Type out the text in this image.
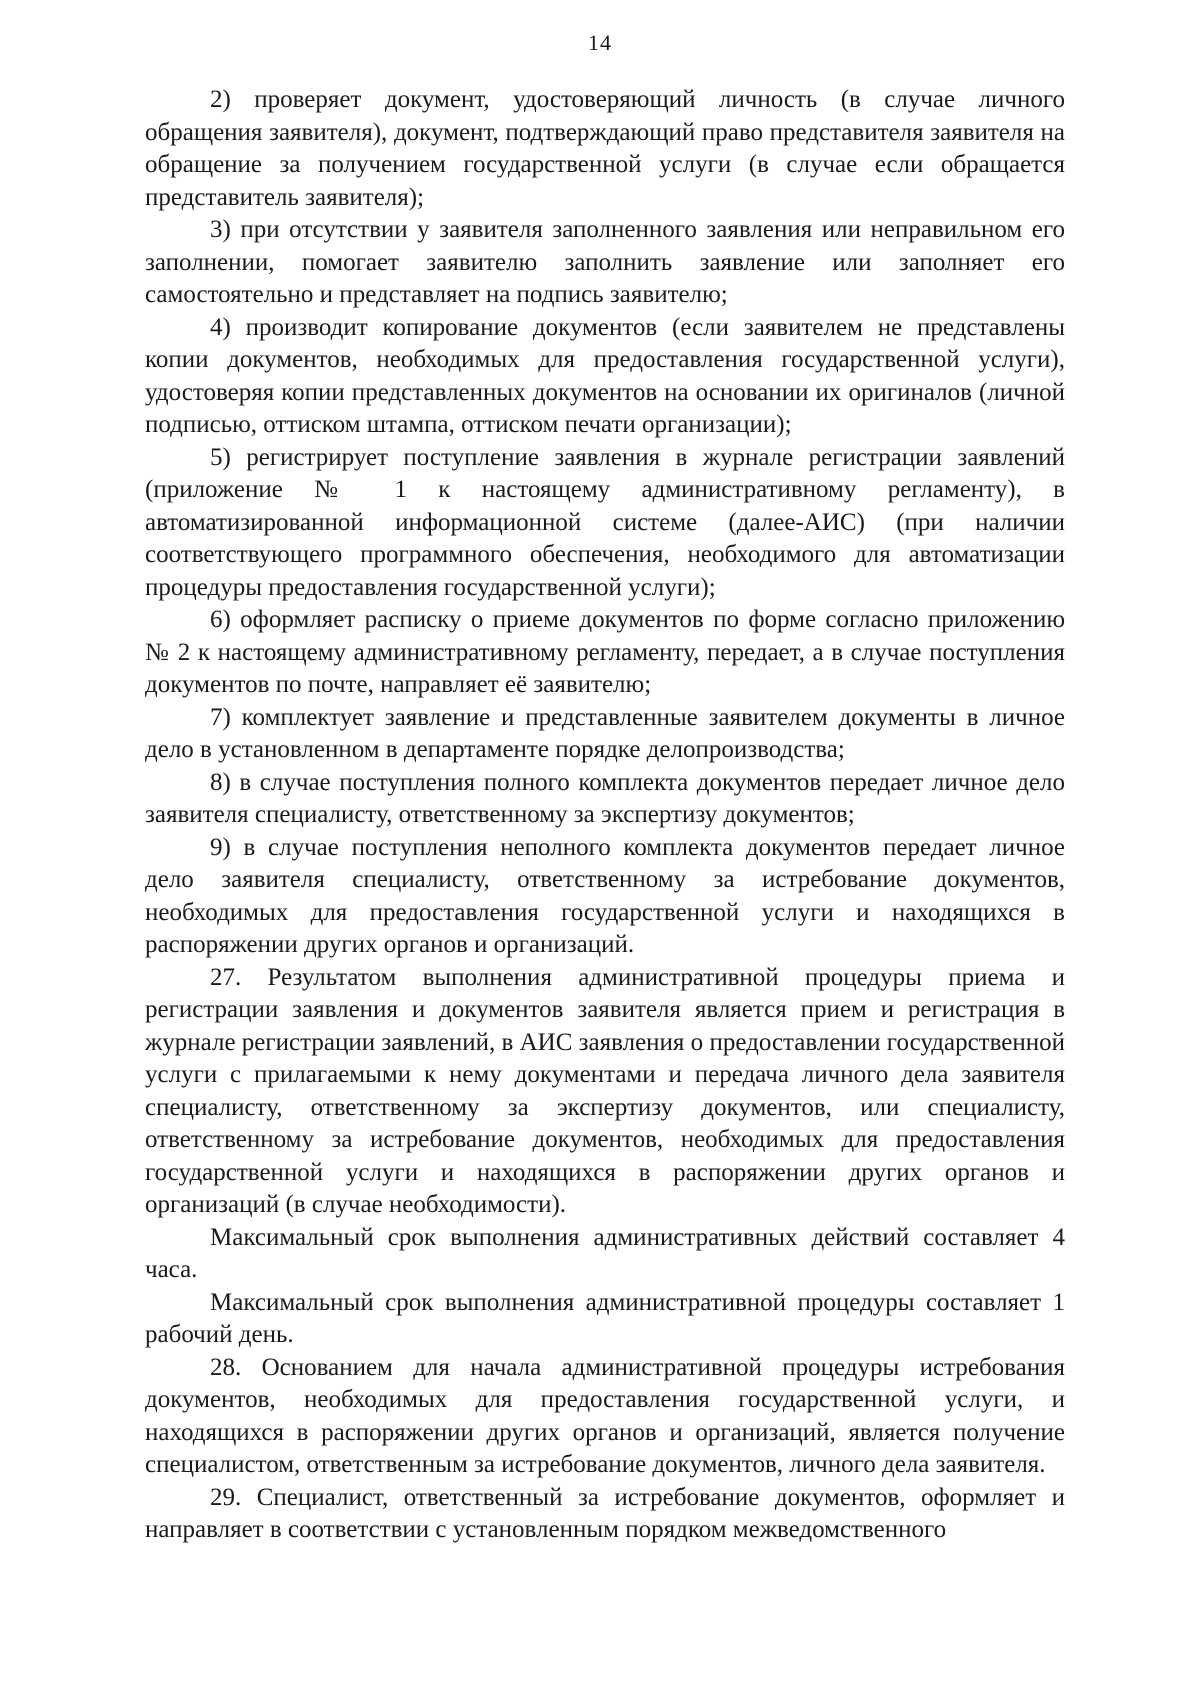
14

2) проверяет документ, удостоверяющий личность (в случае личного обращения заявителя), документ, подтверждающий право представителя заявителя на обращение за получением государственной услуги (в случае если обращается представитель заявителя);

3) при отсутствии у заявителя заполненного заявления или неправильном его заполнении, помогает заявителю заполнить заявление или заполняет его самостоятельно и представляет на подпись заявителю;

4) производит копирование документов (если заявителем не представлены копии документов, необходимых для предоставления государственной услуги), удостоверяя копии представленных документов на основании их оригиналов (личной подписью, оттиском штампа, оттиском печати организации);

5) регистрирует поступление заявления в журнале регистрации заявлений (приложение № 1 к настоящему административному регламенту), в автоматизированной информационной системе (далее-АИС) (при наличии соответствующего программного обеспечения, необходимого для автоматизации процедуры предоставления государственной услуги);

6) оформляет расписку о приеме документов по форме согласно приложению № 2 к настоящему административному регламенту, передает, а в случае поступления документов по почте, направляет её заявителю;

7) комплектует заявление и представленные заявителем документы в личное дело в установленном в департаменте порядке делопроизводства;

8) в случае поступления полного комплекта документов передает личное дело заявителя специалисту, ответственному за экспертизу документов;

9) в случае поступления неполного комплекта документов передает личное дело заявителя специалисту, ответственному за истребование документов, необходимых для предоставления государственной услуги и находящихся в распоряжении других органов и организаций.

27. Результатом выполнения административной процедуры приема и регистрации заявления и документов заявителя является прием и регистрация в журнале регистрации заявлений, в АИС заявления о предоставлении государственной услуги с прилагаемыми к нему документами и передача личного дела заявителя специалисту, ответственному за экспертизу документов, или специалисту, ответственному за истребование документов, необходимых для предоставления государственной услуги и находящихся в распоряжении других органов и организаций (в случае необходимости).

Максимальный срок выполнения административных действий составляет 4 часа.

Максимальный срок выполнения административной процедуры составляет 1 рабочий день.

28. Основанием для начала административной процедуры истребования документов, необходимых для предоставления государственной услуги, и находящихся в распоряжении других органов и организаций, является получение специалистом, ответственным за истребование документов, личного дела заявителя.

29. Специалист, ответственный за истребование документов, оформляет и направляет в соответствии с установленным порядком межведомственного
